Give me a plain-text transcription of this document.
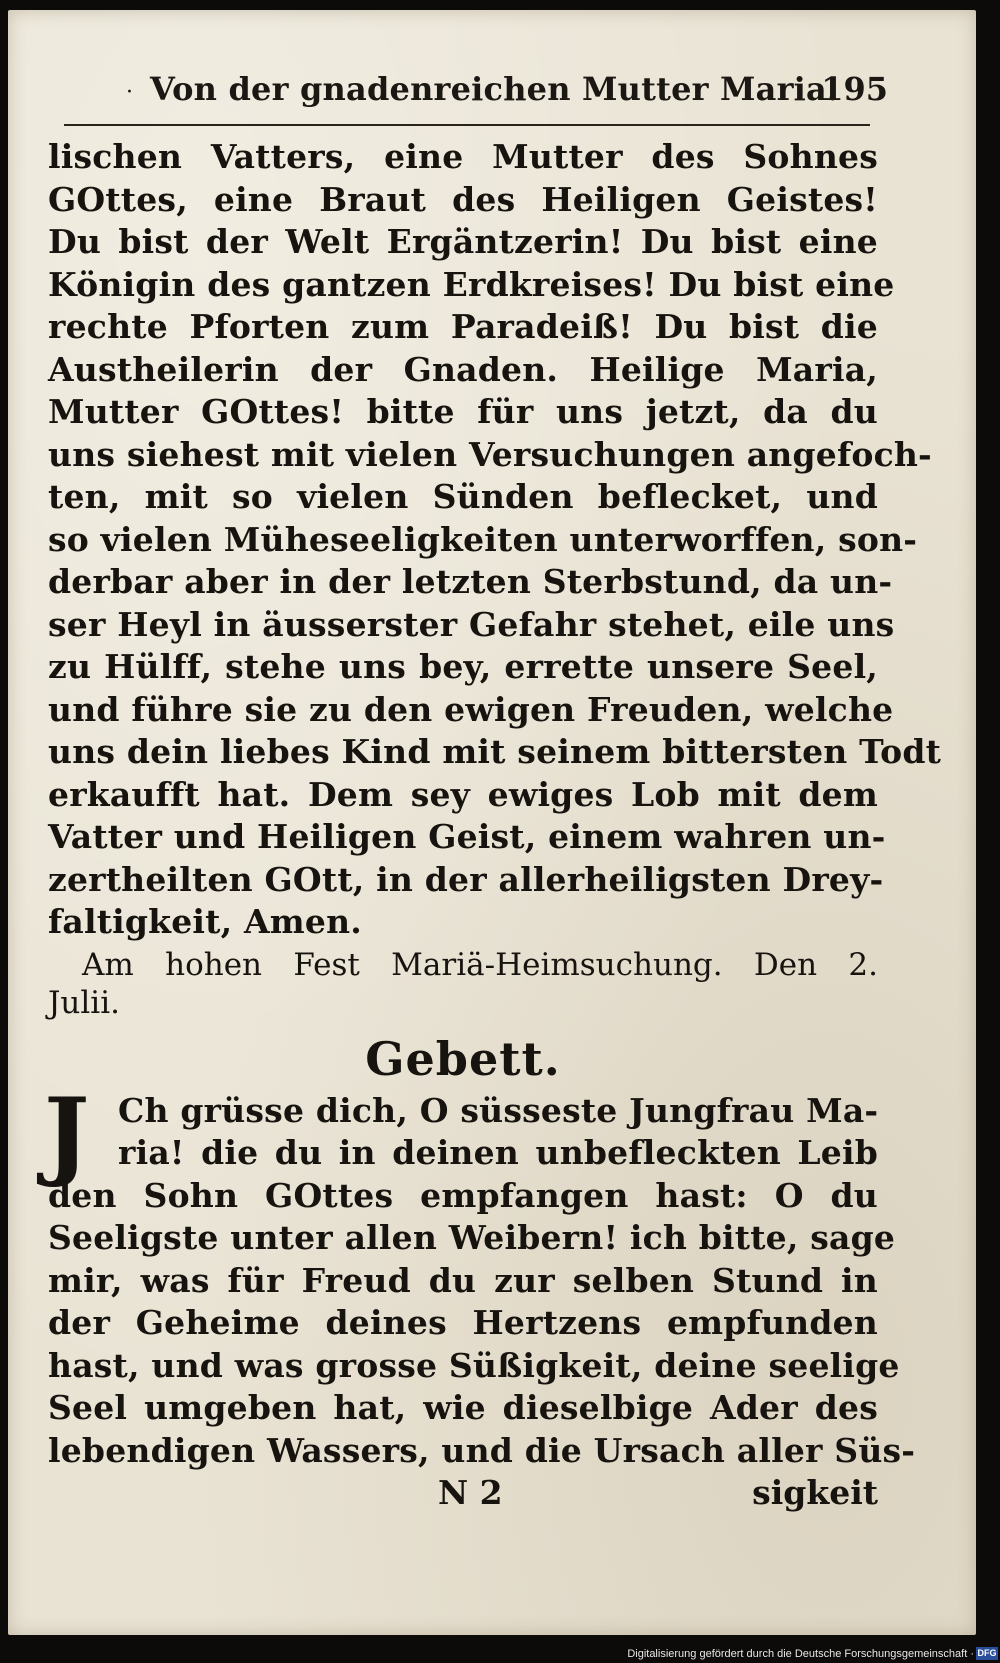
· Von der gnadenreichen Mutter Maria.
195
lischen Vatters, eine Mutter des Sohnes
GOttes, eine Braut des Heiligen Geistes!
Du bist der Welt Ergäntzerin! Du bist eine
Königin des gantzen Erdkreises! Du bist eine
rechte Pforten zum Paradeiß! Du bist die
Austheilerin der Gnaden. Heilige Maria,
Mutter GOttes! bitte für uns jetzt, da du
uns siehest mit vielen Versuchungen angefoch-
ten, mit so vielen Sünden beflecket, und
so vielen Müheseeligkeiten unterworffen, son-
derbar aber in der letzten Sterbstund, da un-
ser Heyl in äusserster Gefahr stehet, eile uns
zu Hülff, stehe uns bey, errette unsere Seel,
und führe sie zu den ewigen Freuden, welche
uns dein liebes Kind mit seinem bittersten Todt
erkaufft hat. Dem sey ewiges Lob mit dem
Vatter und Heiligen Geist, einem wahren un-
zertheilten GOtt, in der allerheiligsten Drey-
faltigkeit, Amen.
Am hohen Fest Mariä-Heimsuchung. Den 2.
Julii.
Gebett.
J Ch grüsse dich, O süsseste Jungfrau Ma-
ria! die du in deinen unbefleckten Leib
den Sohn GOttes empfangen hast: O du
Seeligste unter allen Weibern! ich bitte, sage
mir, was für Freud du zur selben Stund in
der Geheime deines Hertzens empfunden
hast, und was grosse Süßigkeit, deine seelige
Seel umgeben hat, wie dieselbige Ader des
lebendigen Wassers, und die Ursach aller Süs-
N 2	sigkeit
Digitalisierung gefördert durch die Deutsche Forschungsgemeinschaft · DFG
